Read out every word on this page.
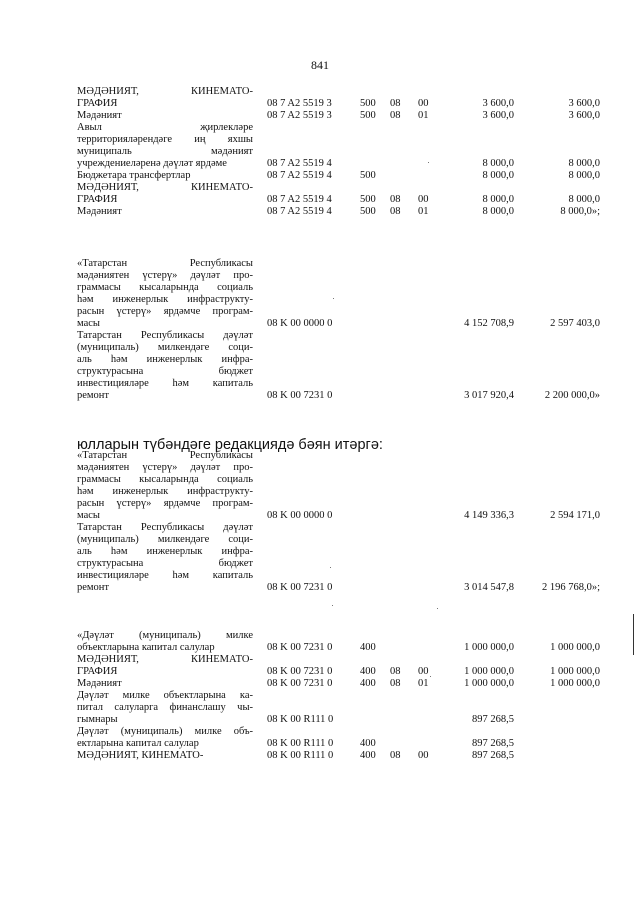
841
МӘДӘНИЯТ, КИНЕМАТО-
ГРАФИЯ	08 7 A2 5519 3	500	08	00	3 600,0	3 600,0
Мәдәният	08 7 A2 5519 3	500	08	01	3 600,0	3 600,0
Авыл җирлекләре
территорияләрендәге иң яхшы
муниципаль мәдәният
учреждениеләренә дәүләт ярдәме	08 7 A2 5519 4	8 000,0	8 000,0
Бюджетара трансфертлар	08 7 A2 5519 4	500	8 000,0	8 000,0
МӘДӘНИЯТ, КИНЕМАТО-
ГРАФИЯ	08 7 A2 5519 4	500	08	00	8 000,0	8 000,0
Мәдәният	08 7 A2 5519 4	500	08	01	8 000,0	8 000,0»;
«Татарстан Республикасы
мәдәниятен үстерү» дәүләт про-
граммасы кысаларында социаль
һәм инженерлык инфраструкту-
расын үстерү» ярдәмче програм-
масы	08 K 00 0000 0	4 152 708,9	2 597 403,0
Татарстан Республикасы дәүләт
(муниципаль) милкендәге соци-
аль һәм инженерлык инфра-
структурасына бюджет
инвестицияләре һәм капиталь
ремонт	08 K 00 7231 0	3 017 920,4	2 200 000,0»
«Татарстан Республикасы
мәдәниятен үстерү» дәүләт про-
граммасы кысаларында социаль
һәм инженерлык инфраструкту-
расын үстерү» ярдәмче програм-
масы	08 K 00 0000 0	4 149 336,3	2 594 171,0
Татарстан Республикасы дәүләт
(муниципаль) милкендәге соци-
аль һәм инженерлык инфра-
структурасына бюджет
инвестицияләре һәм капиталь
ремонт	08 K 00 7231 0	3 014 547,8	2 196 768,0»;
«Дәүләт (муниципаль) милке
объектларына капитал салулар	08 K 00 7231 0	400	1 000 000,0	1 000 000,0
МӘДӘНИЯТ, КИНЕМАТО-
ГРАФИЯ	08 K 00 7231 0	400	08	00	1 000 000,0	1 000 000,0
Мәдәният	08 K 00 7231 0	400	08	01	1 000 000,0	1 000 000,0
Дәүләт милке объектларына ка-
питал салуларга финанслашу чы-
гымнары	08 K 00 R111 0	897 268,5
Дәүләт (муниципаль) милке объ-
ектларына капитал салулар	08 K 00 R111 0	400	897 268,5
МӘДӘНИЯТ, КИНЕМАТО-	08 K 00 R111 0	400	08	00	897 268,5
юлларын түбәндәге редакциядә бәян итәргә:
